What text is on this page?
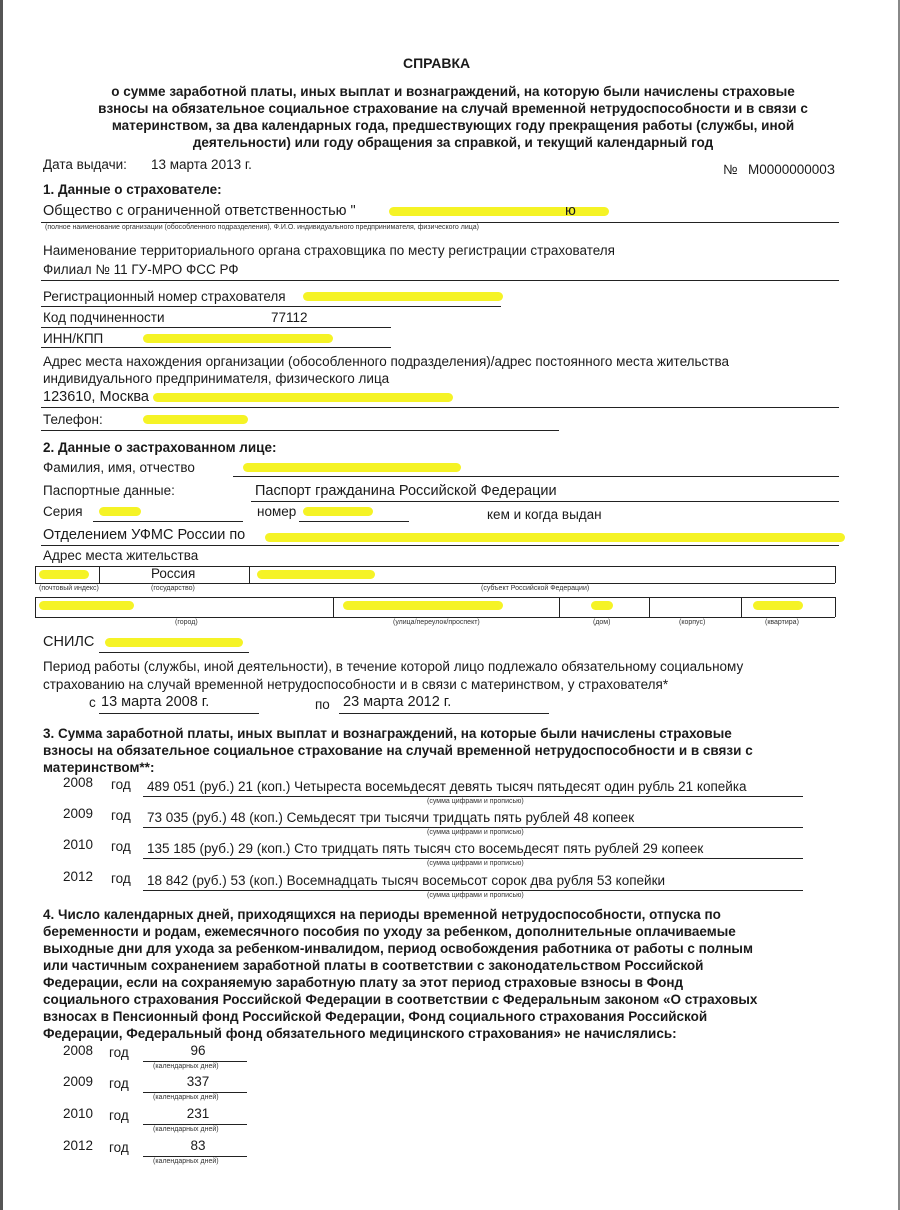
СПРАВКА
о сумме заработной платы, иных выплат и вознаграждений, на которую были начислены страховые
взносы на обязательное социальное страхование на случай временной нетрудоспособности и в связи с
материнством, за два календарных года, предшествующих году прекращения работы (службы, иной
деятельности) или году обращения за справкой, и текущий календарный год
Дата выдачи: 13 марта 2013 г.	№ М000000000З
1. Данные о страхователе:
Общество с ограниченной ответственностью "	ю
(полное наименование организации (обособленного подразделения), Ф.И.О. индивидуального предпринимателя, физического лица)
Наименование территориального органа страховщика по месту регистрации страхователя
Филиал № 11 ГУ-МРО ФСС РФ
Регистрационный номер страхователя
Код подчиненности	77112
ИНН/КПП
Адрес места нахождения организации (обособленного подразделения)/адрес постоянного места жительства
индивидуального предпринимателя, физического лица
123610, Москва
Телефон:
2. Данные о застрахованном лице:
Фамилия, имя, отчество
Паспортные данные:	Паспорт гражданина Российской Федерации
Серия	номер	кем и когда выдан
Отделением УФМС России по
Адрес места жительства
Россия
(почтовый индекс)	(государство)	(субъект Российской Федерации)
(город)	(улица/переулок/проспект)	(дом)	(корпус)	(квартира)
СНИЛС
Период работы (службы, иной деятельности), в течение которой лицо подлежало обязательному социальному
страхованию на случай временной нетрудоспособности и в связи с материнством, у страхователя*
с 13 марта 2008 г.	по 23 марта 2012 г.
3. Сумма заработной платы, иных выплат и вознаграждений, на которые были начислены страховые
взносы на обязательное социальное страхование на случай временной нетрудоспособности и в связи с
материнством**:
2008 год 489 051 (руб.) 21 (коп.) Четыреста восемьдесят девять тысяч пятьдесят один рубль 21 копейка
(сумма цифрами и прописью)
2009 год 73 035 (руб.) 48 (коп.) Семьдесят три тысячи тридцать пять рублей 48 копеек
(сумма цифрами и прописью)
2010 год 135 185 (руб.) 29 (коп.) Сто тридцать пять тысяч сто восемьдесят пять рублей 29 копеек
(сумма цифрами и прописью)
2012 год 18 842 (руб.) 53 (коп.) Восемнадцать тысяч восемьсот сорок два рубля 53 копейки
(сумма цифрами и прописью)
4. Число календарных дней, приходящихся на периоды временной нетрудоспособности, отпуска по
беременности и родам, ежемесячного пособия по уходу за ребенком, дополнительные оплачиваемые
выходные дни для ухода за ребенком-инвалидом, период освобождения работника от работы с полным
или частичным сохранением заработной платы в соответствии с законодательством Российской
Федерации, если на сохраняемую заработную плату за этот период страховые взносы в Фонд
социального страхования Российской Федерации в соответствии с Федеральным законом «О страховых
взносах в Пенсионный фонд Российской Федерации, Фонд социального страхования Российской
Федерации, Федеральный фонд обязательного медицинского страхования» не начислялись:
2008 год	96
(календарных дней)
2009 год	337
(календарных дней)
2010 год	231
(календарных дней)
2012 год	83
(календарных дней)
